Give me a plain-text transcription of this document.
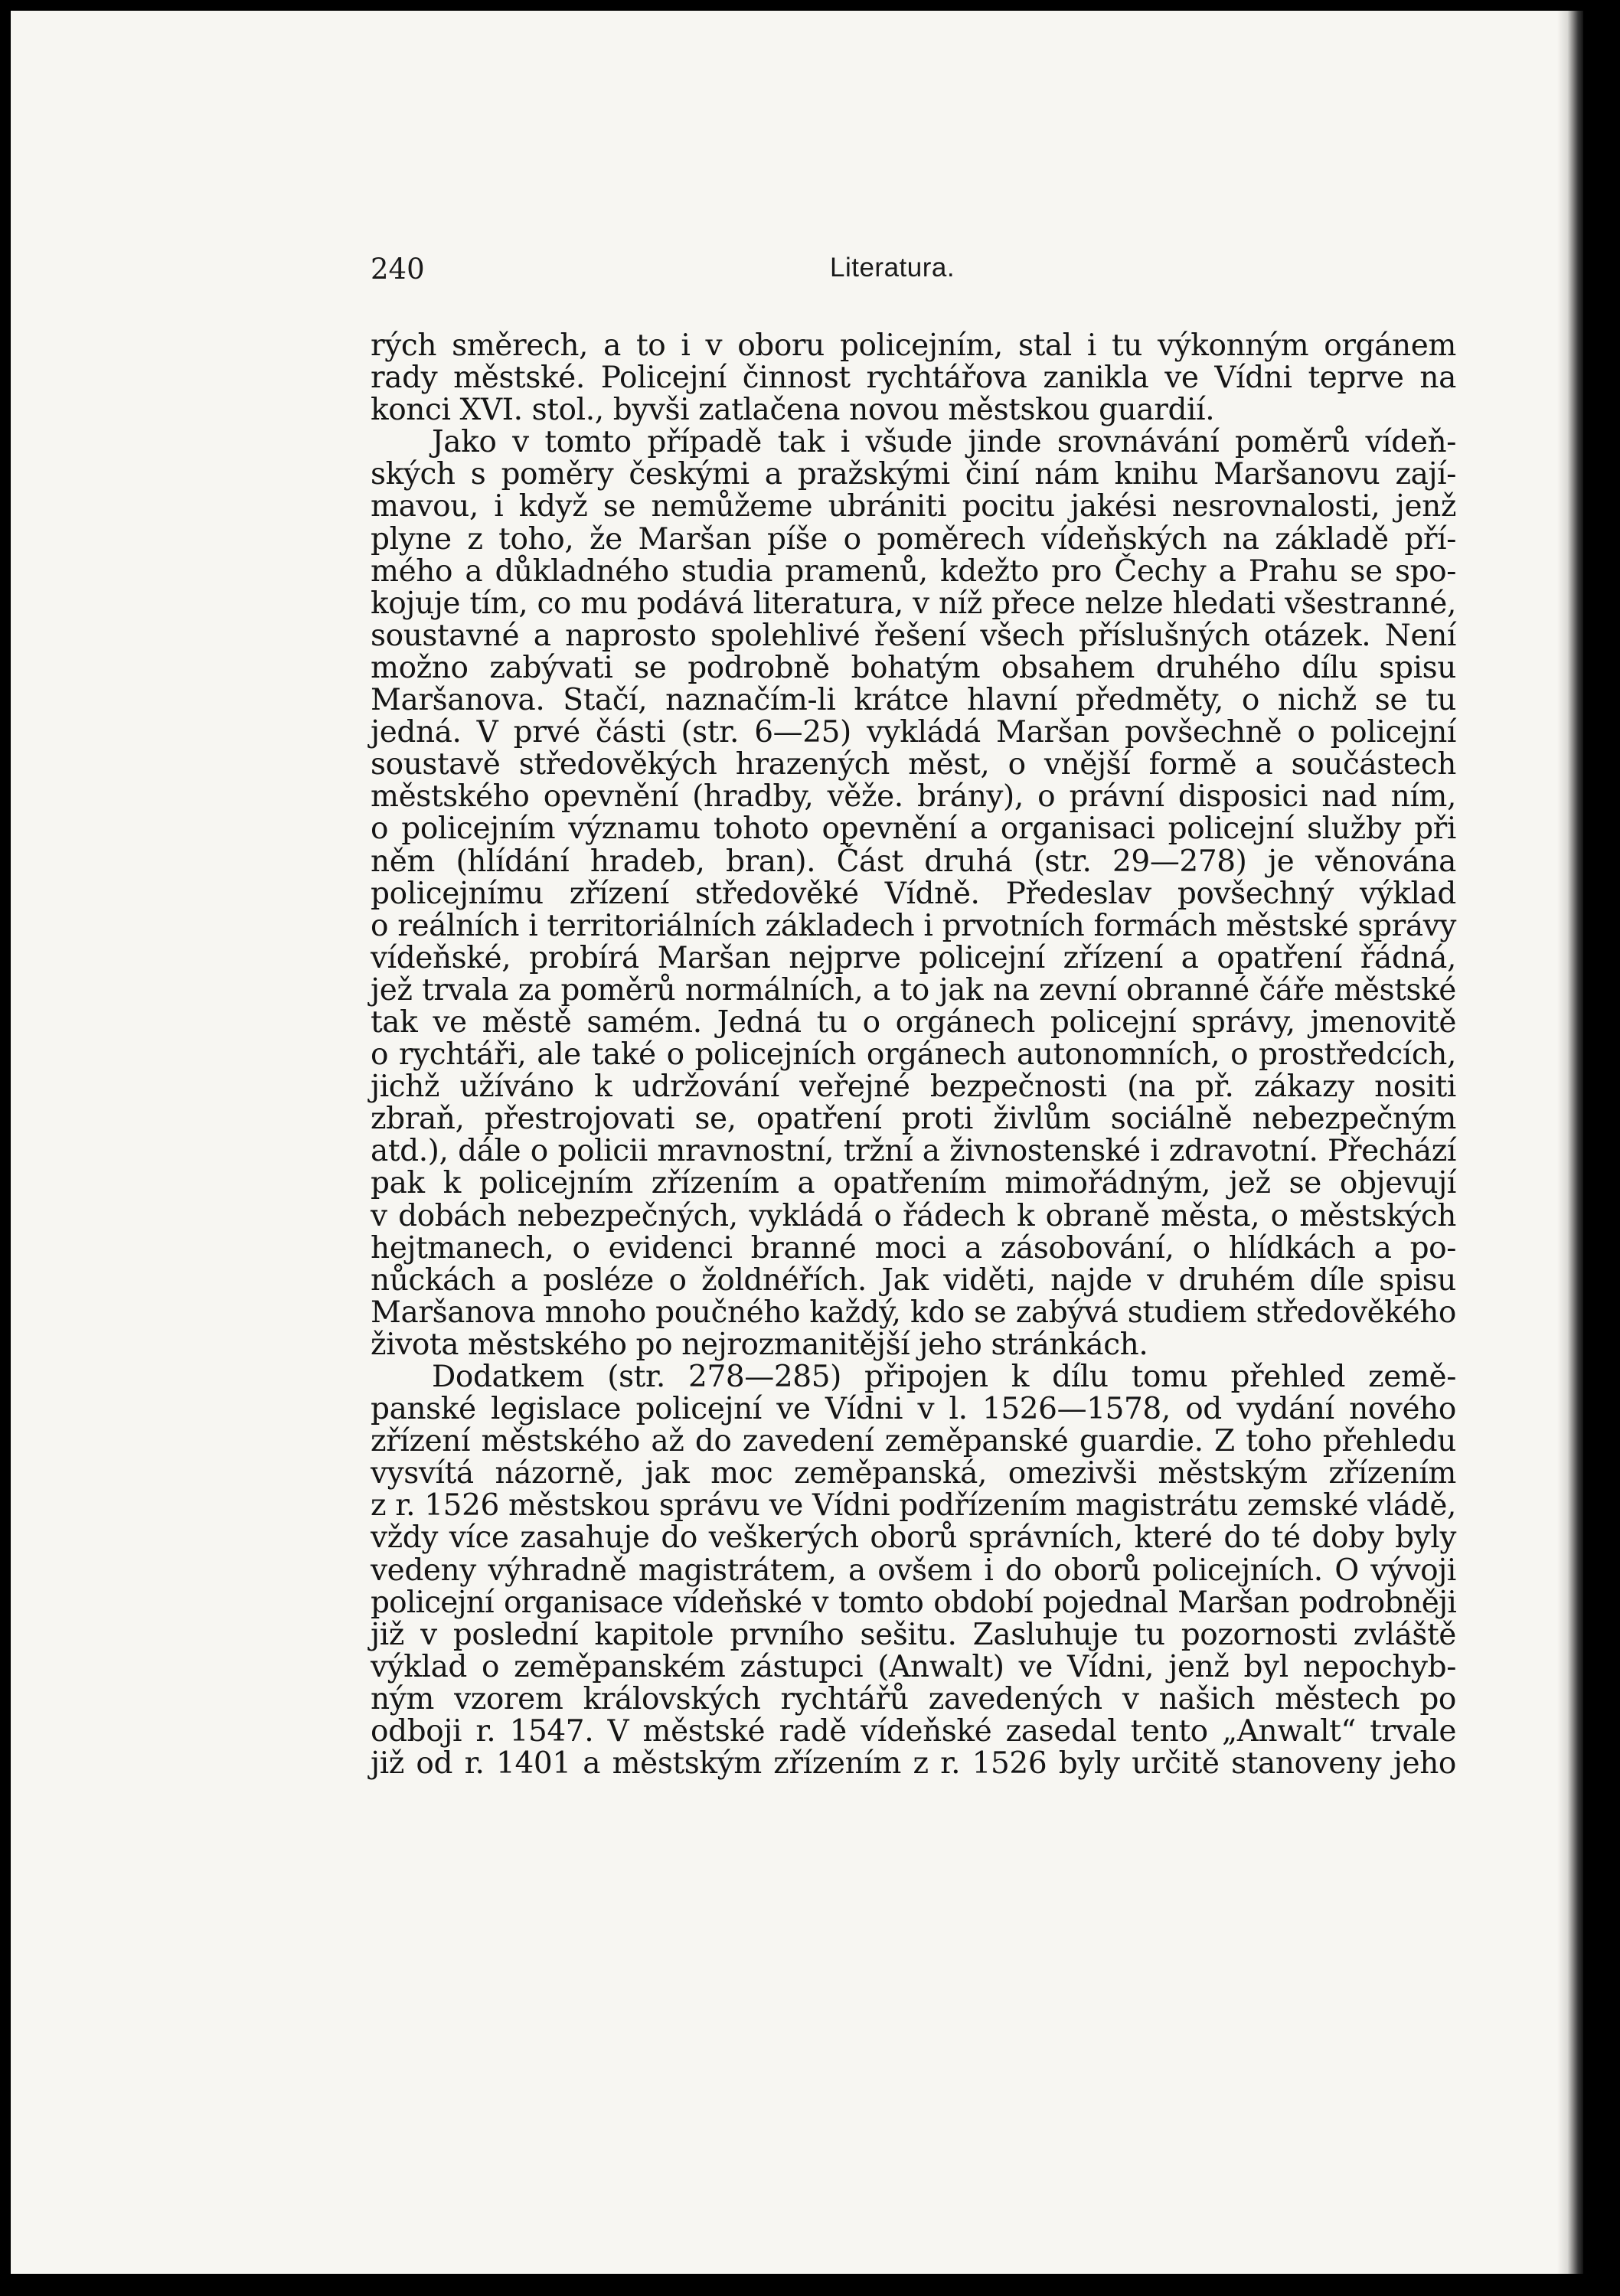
240	Literatura.
rých směrech, a to i v oboru policejním, stal i tu výkonným orgánem
rady městské. Policejní činnost rychtářova zanikla ve Vídni teprve na
konci XVI. stol., byvši zatlačena novou městskou guardií.
Jako v tomto případě tak i všude jinde srovnávání poměrů vídeň-
ských s poměry českými a pražskými činí nám knihu Maršanovu zají-
mavou, i když se nemůžeme ubrániti pocitu jakési nesrovnalosti, jenž
plyne z toho, že Maršan píše o poměrech vídeňských na základě pří-
mého a důkladného studia pramenů, kdežto pro Čechy a Prahu se spo-
kojuje tím, co mu podává literatura, v níž přece nelze hledati všestranné,
soustavné a naprosto spolehlivé řešení všech příslušných otázek. Není
možno zabývati se podrobně bohatým obsahem druhého dílu spisu
Maršanova. Stačí, naznačím-li krátce hlavní předměty, o nichž se tu
jedná. V prvé části (str. 6—25) vykládá Maršan povšechně o policejní
soustavě středověkých hrazených měst, o vnější formě a součástech
městského opevnění (hradby, věže. brány), o právní disposici nad ním,
o policejním významu tohoto opevnění a organisaci policejní služby při
něm (hlídání hradeb, bran). Část druhá (str. 29—278) je věnována
policejnímu zřízení středověké Vídně. Předeslav povšechný výklad
o reálních i territoriálních základech i prvotních formách městské správy
vídeňské, probírá Maršan nejprve policejní zřízení a opatření řádná,
jež trvala za poměrů normálních, a to jak na zevní obranné čáře městské
tak ve městě samém. Jedná tu o orgánech policejní správy, jmenovitě
o rychtáři, ale také o policejních orgánech autonomních, o prostředcích,
jichž užíváno k udržování veřejné bezpečnosti (na př. zákazy nositi
zbraň, přestrojovati se, opatření proti živlům sociálně nebezpečným
atd.), dále o policii mravnostní, tržní a živnostenské i zdravotní. Přechází
pak k policejním zřízením a opatřením mimořádným, jež se objevují
v dobách nebezpečných, vykládá o řádech k obraně města, o městských
hejtmanech, o evidenci branné moci a zásobování, o hlídkách a po-
nůckách a posléze o žoldnéřích. Jak viděti, najde v druhém díle spisu
Maršanova mnoho poučného každý, kdo se zabývá studiem středověkého
života městského po nejrozmanitější jeho stránkách.
Dodatkem (str. 278—285) připojen k dílu tomu přehled země-
panské legislace policejní ve Vídni v l. 1526—1578, od vydání nového
zřízení městského až do zavedení zeměpanské guardie. Z toho přehledu
vysvítá názorně, jak moc zeměpanská, omezivši městským zřízením
z r. 1526 městskou správu ve Vídni podřízením magistrátu zemské vládě,
vždy více zasahuje do veškerých oborů správních, které do té doby byly
vedeny výhradně magistrátem, a ovšem i do oborů policejních. O vývoji
policejní organisace vídeňské v tomto období pojednal Maršan podrobněji
již v poslední kapitole prvního sešitu. Zasluhuje tu pozornosti zvláště
výklad o zeměpanském zástupci (Anwalt) ve Vídni, jenž byl nepochyb-
ným vzorem královských rychtářů zavedených v našich městech po
odboji r. 1547. V městské radě vídeňské zasedal tento „Anwalt“ trvale
již od r. 1401 a městským zřízením z r. 1526 byly určitě stanoveny jeho
